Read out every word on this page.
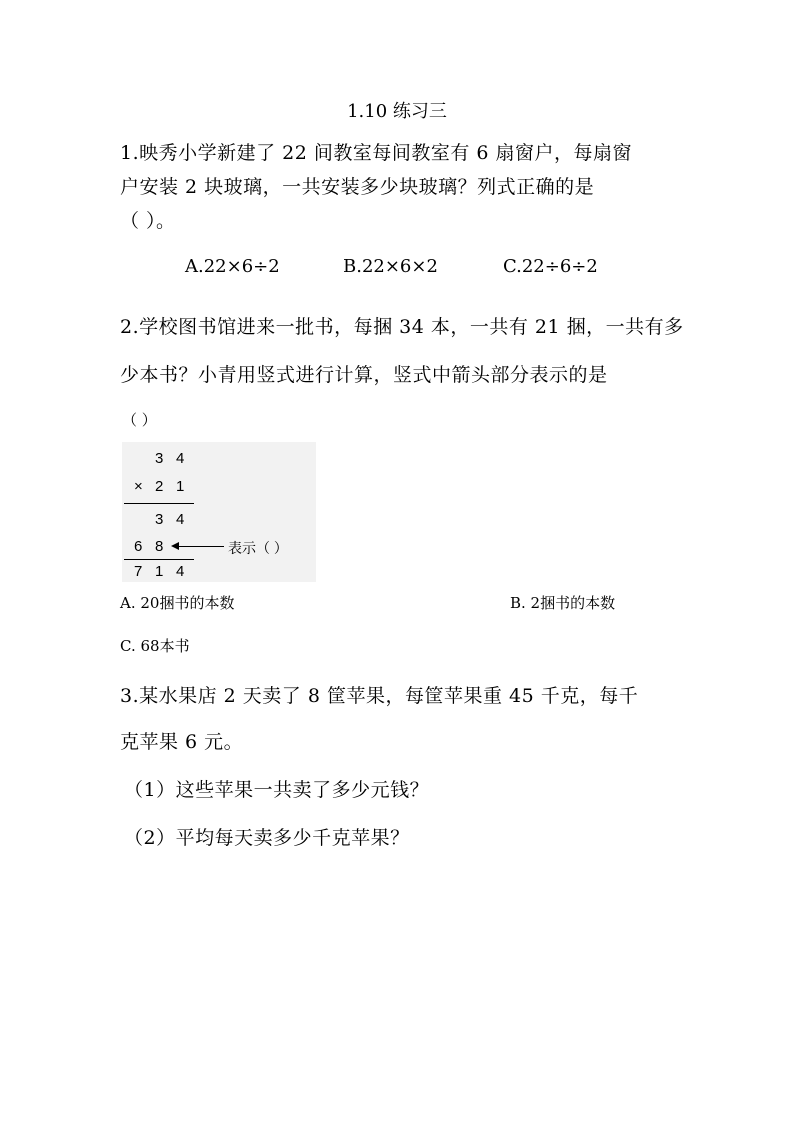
1.10 练习三
1.映秀小学新建了 22 间教室每间教室有 6 扇窗户，每扇窗
户安装 2 块玻璃，一共安装多少块玻璃？列式正确的是
（ ）。
A.22×6÷2	B.22×6×2	C.22÷6÷2
2.学校图书馆进来一批书，每捆 34 本，一共有 21 捆，一共有多
少本书？小青用竖式进行计算，竖式中箭头部分表示的是
（ ）
3 4
× 2 1
3 4
6 8	表示（ ）
7 1 4
A. 20捆书的本数	B. 2捆书的本数
C. 68本书
3.某水果店 2 天卖了 8 筐苹果，每筐苹果重 45 千克，每千
克苹果 6 元。
（1）这些苹果一共卖了多少元钱？
（2）平均每天卖多少千克苹果？
